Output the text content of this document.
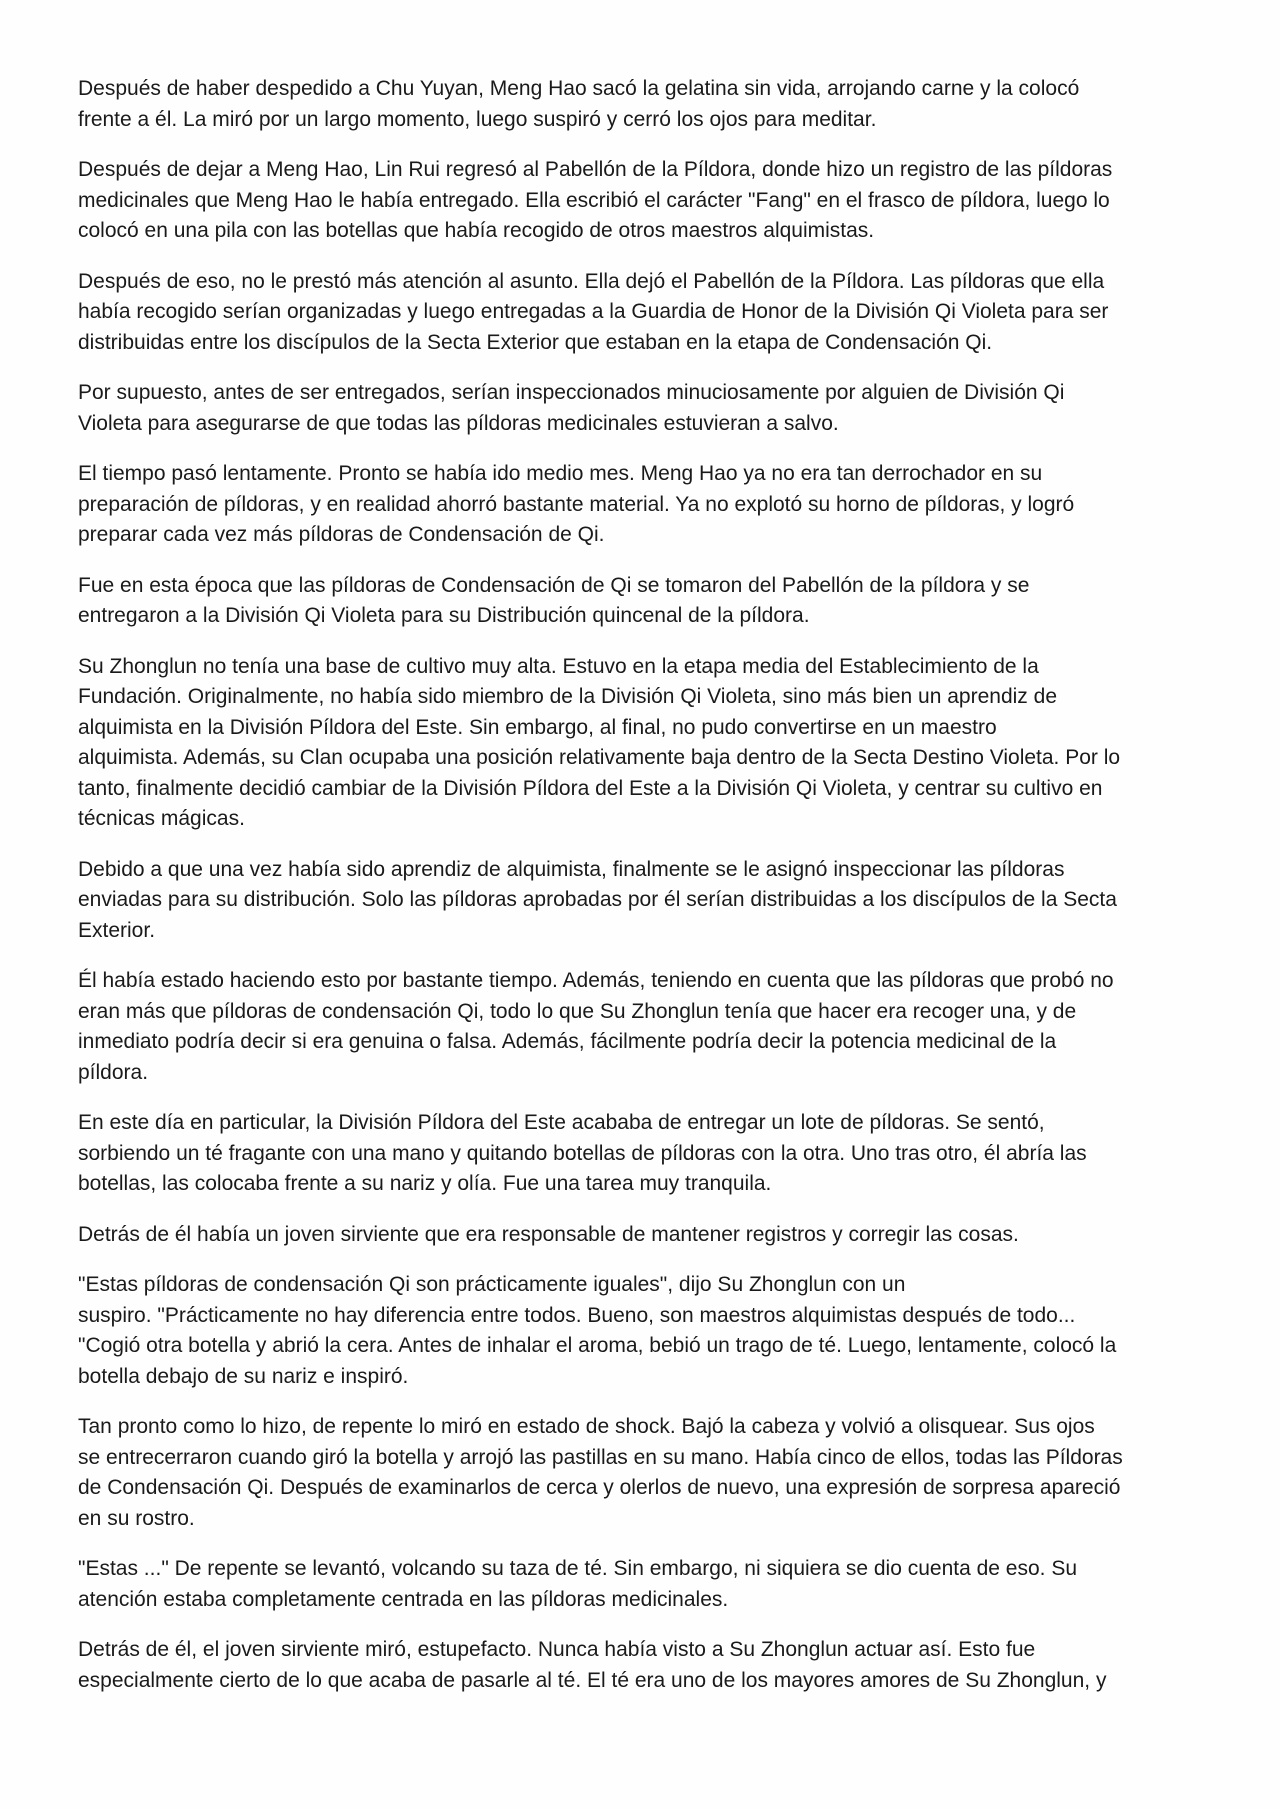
Después de haber despedido a Chu Yuyan, Meng Hao sacó la gelatina sin vida, arrojando carne y la colocó
frente a él. La miró por un largo momento, luego suspiró y cerró los ojos para meditar.

Después de dejar a Meng Hao, Lin Rui regresó al Pabellón de la Píldora, donde hizo un registro de las píldoras
medicinales que Meng Hao le había entregado. Ella escribió el carácter "Fang" en el frasco de píldora, luego lo
colocó en una pila con las botellas que había recogido de otros maestros alquimistas.

Después de eso, no le prestó más atención al asunto. Ella dejó el Pabellón de la Píldora. Las píldoras que ella
había recogido serían organizadas y luego entregadas a la Guardia de Honor de la División Qi Violeta para ser
distribuidas entre los discípulos de la Secta Exterior que estaban en la etapa de Condensación Qi.

Por supuesto, antes de ser entregados, serían inspeccionados minuciosamente por alguien de División Qi
Violeta para asegurarse de que todas las píldoras medicinales estuvieran a salvo.

El tiempo pasó lentamente. Pronto se había ido medio mes. Meng Hao ya no era tan derrochador en su
preparación de píldoras, y en realidad ahorró bastante material. Ya no explotó su horno de píldoras, y logró
preparar cada vez más píldoras de Condensación de Qi.

Fue en esta época que las píldoras de Condensación de Qi se tomaron del Pabellón de la píldora y se
entregaron a la División Qi Violeta para su Distribución quincenal de la píldora.

Su Zhonglun no tenía una base de cultivo muy alta. Estuvo en la etapa media del Establecimiento de la
Fundación. Originalmente, no había sido miembro de la División Qi Violeta, sino más bien un aprendiz de
alquimista en la División Píldora del Este. Sin embargo, al final, no pudo convertirse en un maestro
alquimista. Además, su Clan ocupaba una posición relativamente baja dentro de la Secta Destino Violeta. Por lo
tanto, finalmente decidió cambiar de la División Píldora del Este a la División Qi Violeta, y centrar su cultivo en
técnicas mágicas.

Debido a que una vez había sido aprendiz de alquimista, finalmente se le asignó inspeccionar las píldoras
enviadas para su distribución. Solo las píldoras aprobadas por él serían distribuidas a los discípulos de la Secta
Exterior.

Él había estado haciendo esto por bastante tiempo. Además, teniendo en cuenta que las píldoras que probó no
eran más que píldoras de condensación Qi, todo lo que Su Zhonglun tenía que hacer era recoger una, y de
inmediato podría decir si era genuina o falsa. Además, fácilmente podría decir la potencia medicinal de la
píldora.

En este día en particular, la División Píldora del Este acababa de entregar un lote de píldoras. Se sentó,
sorbiendo un té fragante con una mano y quitando botellas de píldoras con la otra. Uno tras otro, él abría las
botellas, las colocaba frente a su nariz y olía. Fue una tarea muy tranquila.

Detrás de él había un joven sirviente que era responsable de mantener registros y corregir las cosas.

"Estas píldoras de condensación Qi son prácticamente iguales", dijo Su Zhonglun con un
suspiro. "Prácticamente no hay diferencia entre todos. Bueno, son maestros alquimistas después de todo...
"Cogió otra botella y abrió la cera. Antes de inhalar el aroma, bebió un trago de té. Luego, lentamente, colocó la
botella debajo de su nariz e inspiró.

Tan pronto como lo hizo, de repente lo miró en estado de shock. Bajó la cabeza y volvió a olisquear. Sus ojos
se entrecerraron cuando giró la botella y arrojó las pastillas en su mano. Había cinco de ellos, todas las Píldoras
de Condensación Qi. Después de examinarlos de cerca y olerlos de nuevo, una expresión de sorpresa apareció
en su rostro.

"Estas ..." De repente se levantó, volcando su taza de té. Sin embargo, ni siquiera se dio cuenta de eso. Su
atención estaba completamente centrada en las píldoras medicinales.

Detrás de él, el joven sirviente miró, estupefacto. Nunca había visto a Su Zhonglun actuar así. Esto fue
especialmente cierto de lo que acaba de pasarle al té. El té era uno de los mayores amores de Su Zhonglun, y
